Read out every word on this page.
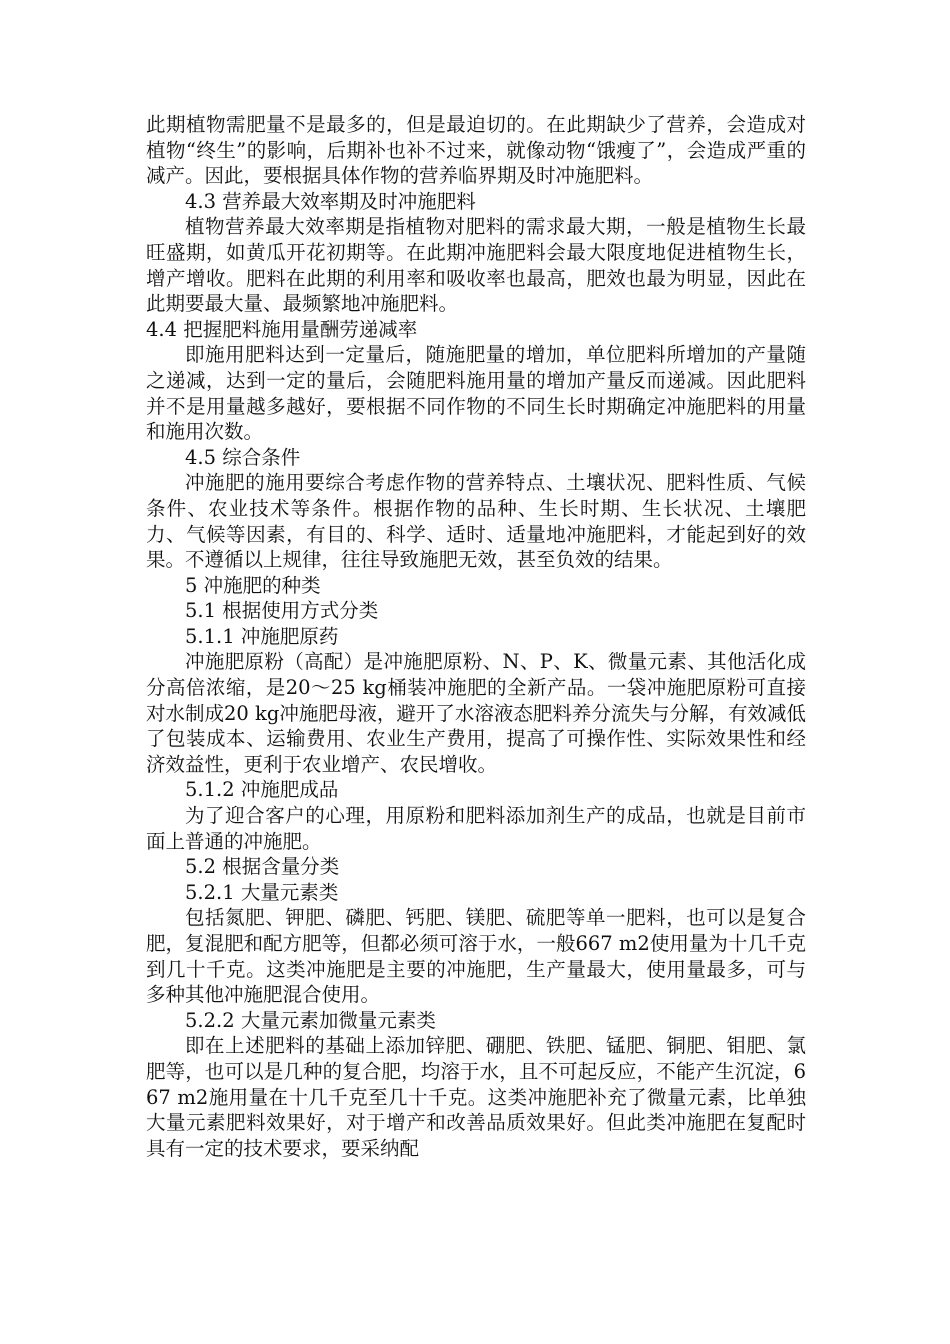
此期植物需肥量不是最多的，但是最迫切的。在此期缺少了营养，会造成对植物“终生”的影响，后期补也补不过来，就像动物“饿瘦了”，会造成严重的减产。因此，要根据具体作物的营养临界期及时冲施肥料。

4.3 营养最大效率期及时冲施肥料

植物营养最大效率期是指植物对肥料的需求最大期，一般是植物生长最旺盛期，如黄瓜开花初期等。在此期冲施肥料会最大限度地促进植物生长，增产增收。肥料在此期的利用率和吸收率也最高，肥效也最为明显，因此在此期要最大量、最频繁地冲施肥料。

4.4 把握肥料施用量酬劳递减率

即施用肥料达到一定量后，随施肥量的增加，单位肥料所增加的产量随之递减，达到一定的量后，会随肥料施用量的增加产量反而递减。因此肥料并不是用量越多越好，要根据不同作物的不同生长时期确定冲施肥料的用量和施用次数。

4.5 综合条件

冲施肥的施用要综合考虑作物的营养特点、土壤状况、肥料性质、气候条件、农业技术等条件。根据作物的品种、生长时期、生长状况、土壤肥力、气候等因素，有目的、科学、适时、适量地冲施肥料，才能起到好的效果。不遵循以上规律，往往导致施肥无效，甚至负效的结果。

5 冲施肥的种类

5.1 根据使用方式分类

5.1.1 冲施肥原药

冲施肥原粉（高配）是冲施肥原粉、N、P、K、微量元素、其他活化成分高倍浓缩，是20～25 kg桶装冲施肥的全新产品。一袋冲施肥原粉可直接对水制成20 kg冲施肥母液，避开了水溶液态肥料养分流失与分解，有效减低了包装成本、运输费用、农业生产费用，提高了可操作性、实际效果性和经济效益性，更利于农业增产、农民增收。

5.1.2 冲施肥成品

为了迎合客户的心理，用原粉和肥料添加剂生产的成品，也就是目前市面上普通的冲施肥。

5.2 根据含量分类

5.2.1 大量元素类

包括氮肥、钾肥、磷肥、钙肥、镁肥、硫肥等单一肥料，也可以是复合肥，复混肥和配方肥等，但都必须可溶于水，一般667 m2使用量为十几千克到几十千克。这类冲施肥是主要的冲施肥，生产量最大，使用量最多，可与多种其他冲施肥混合使用。

5.2.2 大量元素加微量元素类

即在上述肥料的基础上添加锌肥、硼肥、铁肥、锰肥、铜肥、钼肥、氯肥等，也可以是几种的复合肥，均溶于水，且不可起反应，不能产生沉淀，667 m2施用量在十几千克至几十千克。这类冲施肥补充了微量元素，比单独大量元素肥料效果好，对于增产和改善品质效果好。但此类冲施肥在复配时具有一定的技术要求，要采纳配
